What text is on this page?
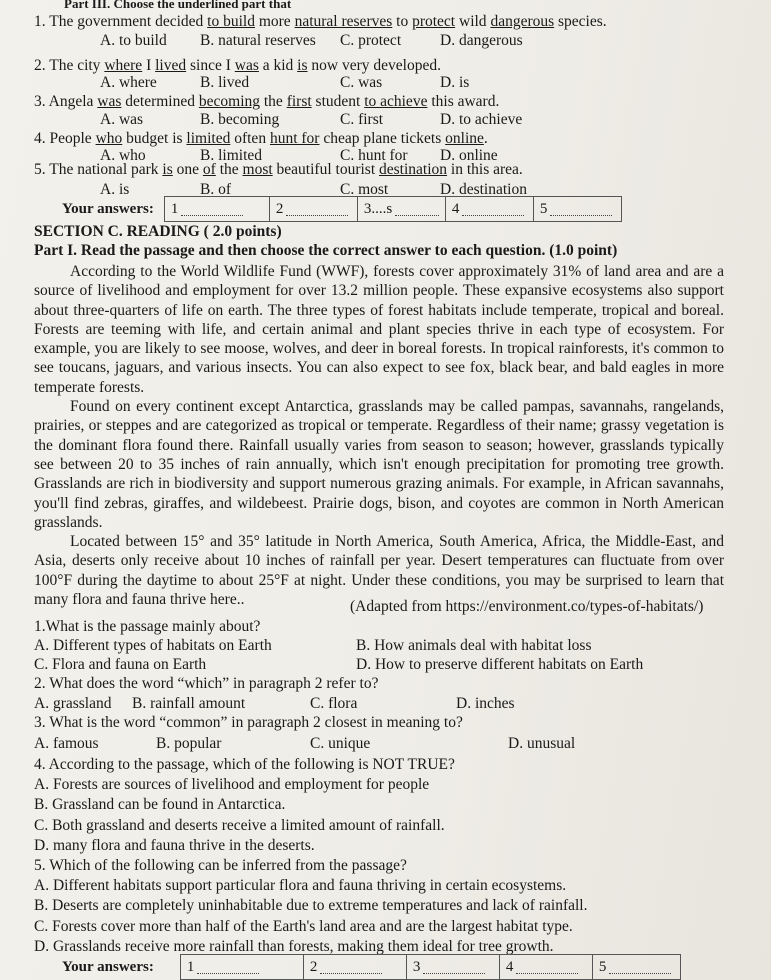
Part III. Choose the underlined part that
1. The government decided to build more natural reserves to protect wild dangerous species.
A. to build B. natural reserves C. protect	D. dangerous
2. The city where I lived since I was a kid is now very developed.
A. where	B. lived	C. was	D. is
3. Angela was determined becoming the first student to achieve this award.
A. was	B. becoming	C. first	D. to achieve
4. People who budget is limited often hunt for cheap plane tickets online.
A. who	B. limited	C. hunt for D. online
5. The national park is one of the most beautiful tourist destination in this area.
A. is	B. of	C. most	D. destination
Your answers:	1	2	3....s	4	5
SECTION C. READING ( 2.0 points)
Part I. Read the passage and then choose the correct answer to each question. (1.0 point)

According to the World Wildlife Fund (WWF), forests cover approximately 31% of land area and are a source of livelihood and employment for over 13.2 million people. These expansive ecosystems also support about three-quarters of life on earth. The three types of forest habitats include temperate, tropical and boreal. Forests are teeming with life, and certain animal and plant species thrive in each type of ecosystem. For example, you are likely to see moose, wolves, and deer in boreal forests. In tropical rainforests, it's common to see toucans, jaguars, and various insects. You can also expect to see fox, black bear, and bald eagles in more temperate forests.

Found on every continent except Antarctica, grasslands may be called pampas, savannahs, rangelands, prairies, or steppes and are categorized as tropical or temperate. Regardless of their name; grassy vegetation is the dominant flora found there. Rainfall usually varies from season to season; however, grasslands typically see between 20 to 35 inches of rain annually, which isn't enough precipitation for promoting tree growth. Grasslands are rich in biodiversity and support numerous grazing animals. For example, in African savannahs, you'll find zebras, giraffes, and wildebeest. Prairie dogs, bison, and coyotes are common in North American grasslands.

Located between 15° and 35° latitude in North America, South America, Africa, the Middle-East, and Asia, deserts only receive about 10 inches of rainfall per year. Desert temperatures can fluctuate from over 100°F during the daytime to about 25°F at night. Under these conditions, you may be surprised to learn that many flora and fauna thrive here..	(Adapted from https://environment.co/types-of-habitats/)
1.What is the passage mainly about?
A. Different types of habitats on Earth	B. How animals deal with habitat loss
C. Flora and fauna on Earth	D. How to preserve different habitats on Earth
2. What does the word “which” in paragraph 2 refer to?
A. grassland B. rainfall amount	C. flora	D. inches
3. What is the word “common” in paragraph 2 closest in meaning to?
A. famous	B. popular	C. unique	D. unusual
4. According to the passage, which of the following is NOT TRUE?
A. Forests are sources of livelihood and employment for people
B. Grassland can be found in Antarctica.
C. Both grassland and deserts receive a limited amount of rainfall.
D. many flora and fauna thrive in the deserts.
5. Which of the following can be inferred from the passage?
A. Different habitats support particular flora and fauna thriving in certain ecosystems.
B. Deserts are completely uninhabitable due to extreme temperatures and lack of rainfall.
C. Forests cover more than half of the Earth's land area and are the largest habitat type.
D. Grasslands receive more rainfall than forests, making them ideal for tree growth.
Your answers:	1	2	3	4	5
